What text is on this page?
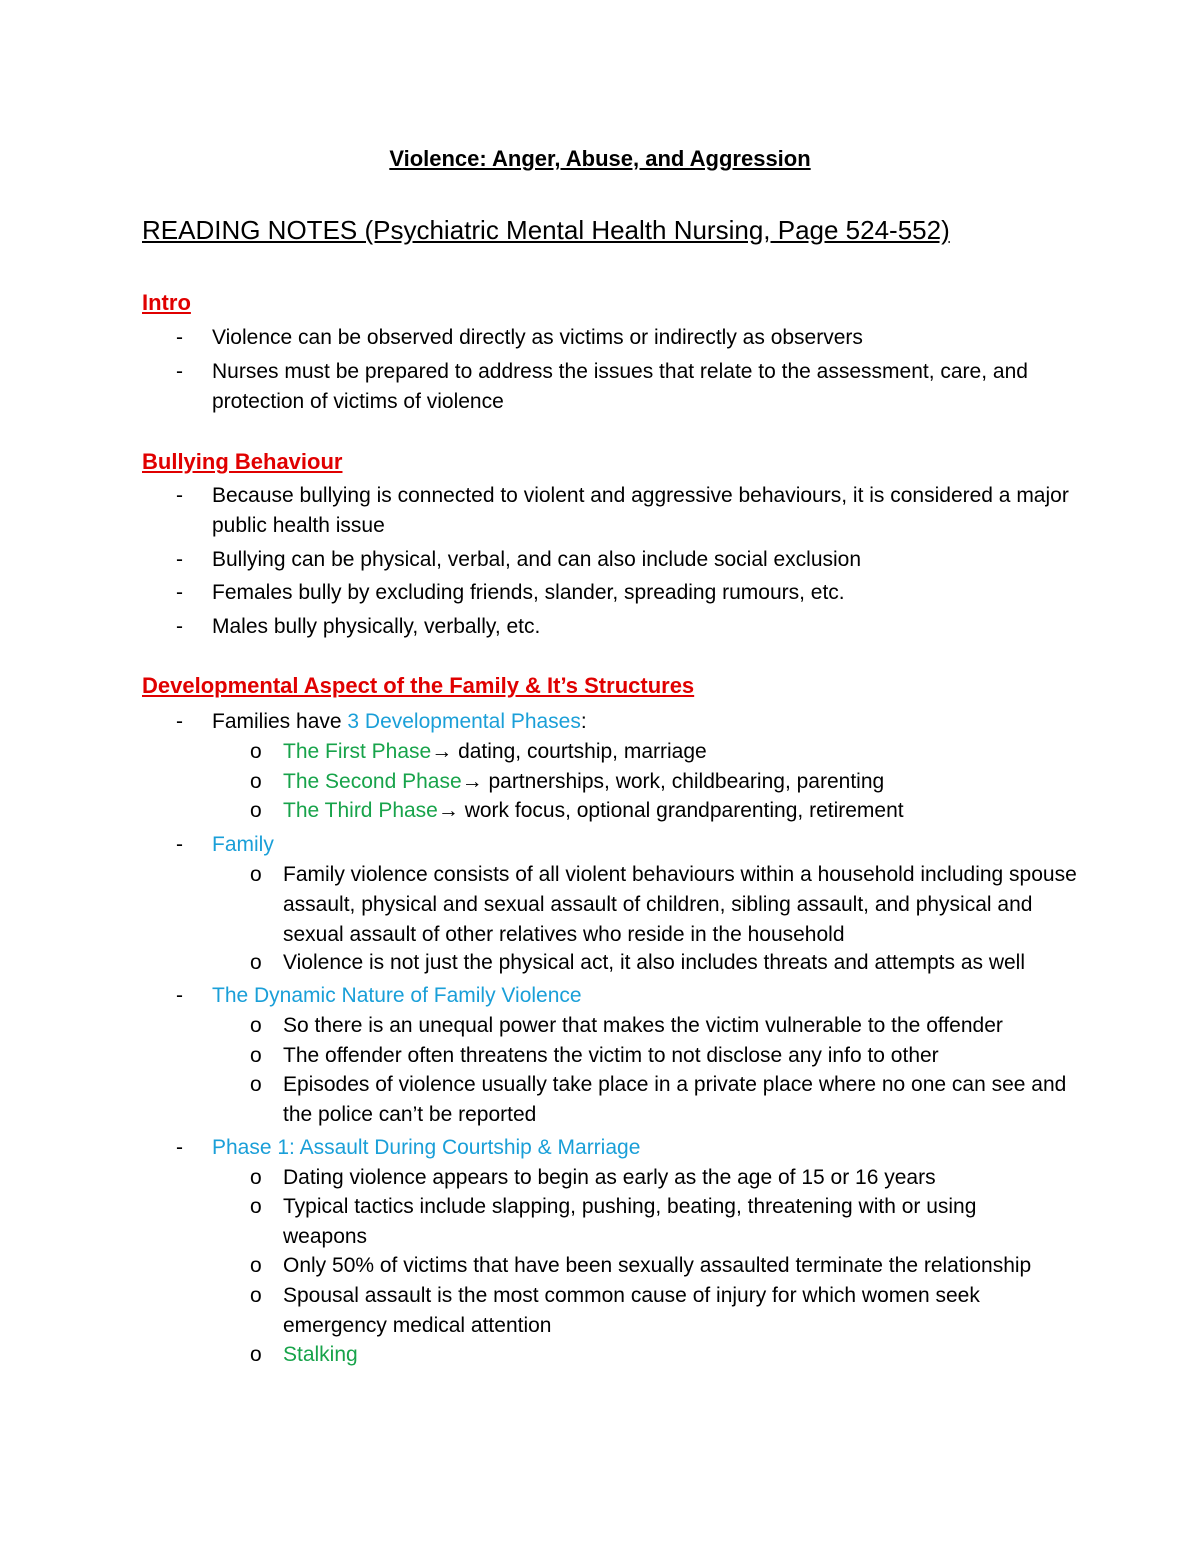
Violence: Anger, Abuse, and Aggression
READING NOTES (Psychiatric Mental Health Nursing, Page 524-552)
Intro
- Violence can be observed directly as victims or indirectly as observers
- Nurses must be prepared to address the issues that relate to the assessment, care, and protection of victims of violence
Bullying Behaviour
- Because bullying is connected to violent and aggressive behaviours, it is considered a major public health issue
- Bullying can be physical, verbal, and can also include social exclusion
- Females bully by excluding friends, slander, spreading rumours, etc.
- Males bully physically, verbally, etc.
Developmental Aspect of the Family & It’s Structures
- Families have 3 Developmental Phases:
o The First Phase→ dating, courtship, marriage
o The Second Phase→ partnerships, work, childbearing, parenting
o The Third Phase→ work focus, optional grandparenting, retirement
- Family
o Family violence consists of all violent behaviours within a household including spouse assault, physical and sexual assault of children, sibling assault, and physical and sexual assault of other relatives who reside in the household
o Violence is not just the physical act, it also includes threats and attempts as well
- The Dynamic Nature of Family Violence
o So there is an unequal power that makes the victim vulnerable to the offender
o The offender often threatens the victim to not disclose any info to other
o Episodes of violence usually take place in a private place where no one can see and the police can’t be reported
- Phase 1: Assault During Courtship & Marriage
o Dating violence appears to begin as early as the age of 15 or 16 years
o Typical tactics include slapping, pushing, beating, threatening with or using weapons
o Only 50% of victims that have been sexually assaulted terminate the relationship
o Spousal assault is the most common cause of injury for which women seek emergency medical attention
o Stalking
